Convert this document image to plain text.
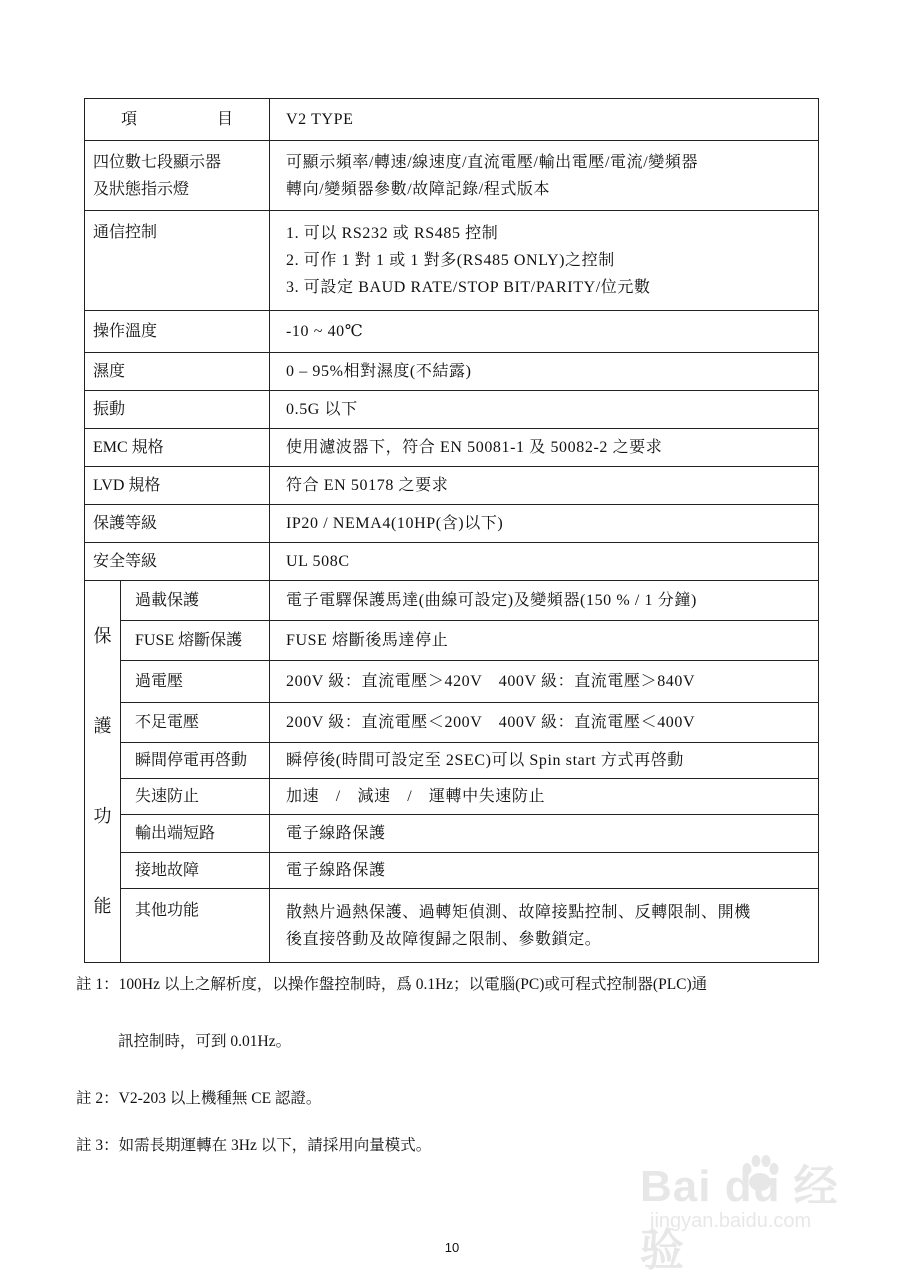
項 目		V2 TYPE

四位數七段顯示器
及狀態指示燈		可顯示頻率/轉速/線速度/直流電壓/輸出電壓/電流/變頻器
轉向/變頻器參數/故障記錄/程式版本

通信控制		1. 可以 RS232 或 RS485 控制
2. 可作 1 對 1 或 1 對多(RS485 ONLY)之控制
3. 可設定 BAUD RATE/STOP BIT/PARITY/位元數

操作溫度		-10 ~ 40℃

濕度		0 – 95%相對濕度(不結露)

振動		0.5G 以下

EMC 規格		使用濾波器下，符合 EN 50081-1 及 50082-2 之要求

LVD 規格		符合 EN 50178 之要求

保護等級		IP20 / NEMA4(10HP(含)以下)

安全等級		UL 508C

保
護
功
能	過載保護	電子電驛保護馬達(曲線可設定)及變頻器(150 % / 1 分鐘)

	FUSE 熔斷保護	FUSE 熔斷後馬達停止

	過電壓	200V 級：直流電壓＞420V　400V 級：直流電壓＞840V

	不足電壓	200V 級：直流電壓＜200V　400V 級：直流電壓＜400V

	瞬間停電再啓動	瞬停後(時間可設定至 2SEC)可以 Spin start 方式再啓動

	失速防止	加速　/　減速　/　運轉中失速防止

	輸出端短路	電子線路保護

	接地故障	電子線路保護

	其他功能	散熱片過熱保護、過轉矩偵測、故障接點控制、反轉限制、開機
後直接啓動及故障復歸之限制、參數鎖定。
註 1：100Hz 以上之解析度，以操作盤控制時，爲 0.1Hz；以電腦(PC)或可程式控制器(PLC)通
訊控制時，可到 0.01Hz。
註 2：V2-203 以上機種無 CE 認證。
註 3：如需長期運轉在 3Hz 以下，請採用向量模式。
10
Bai du 经验
jingyan.baidu.com
